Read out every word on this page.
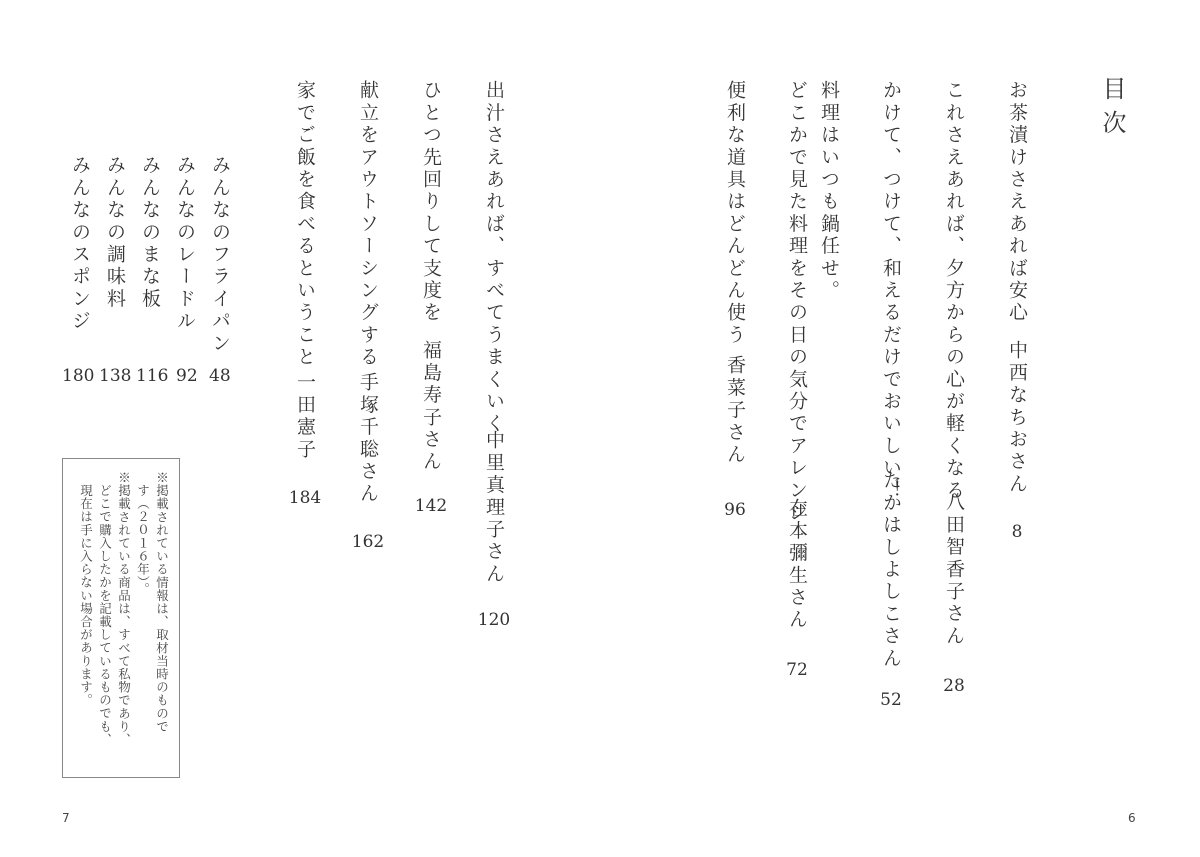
目次
お茶漬けさえあれば安心
中西なちおさん
8
これさえあれば、夕方からの心が軽くなる
八田智香子さん
28
かけて、つけて、和えるだけでおいしい！
たかはしよしこさん
52
料理はいつも鍋任せ。
どこかで見た料理をその日の気分でアレンジ
在本彌生さん
72
便利な道具はどんどん使う
香菜子さん
96
出汁さえあれば、すべてうまくいく
中里真理子さん
120
ひとつ先回りして支度を
福島寿子さん
142
献立をアウトソーシングする
手塚千聡さん
162
家でご飯を食べるということ
一田憲子
184
みんなのフライパン
みんなのレードル
みんなのまな板
みんなの調味料
みんなのスポンジ
180 138 116 92 48
※掲載されている情報は、取材当時のもので
す（２０１６年）。
※掲載されている商品は、すべて私物であり、
どこで購入したかを記載しているものでも、
現在は手に入らない場合があります。
7	6
